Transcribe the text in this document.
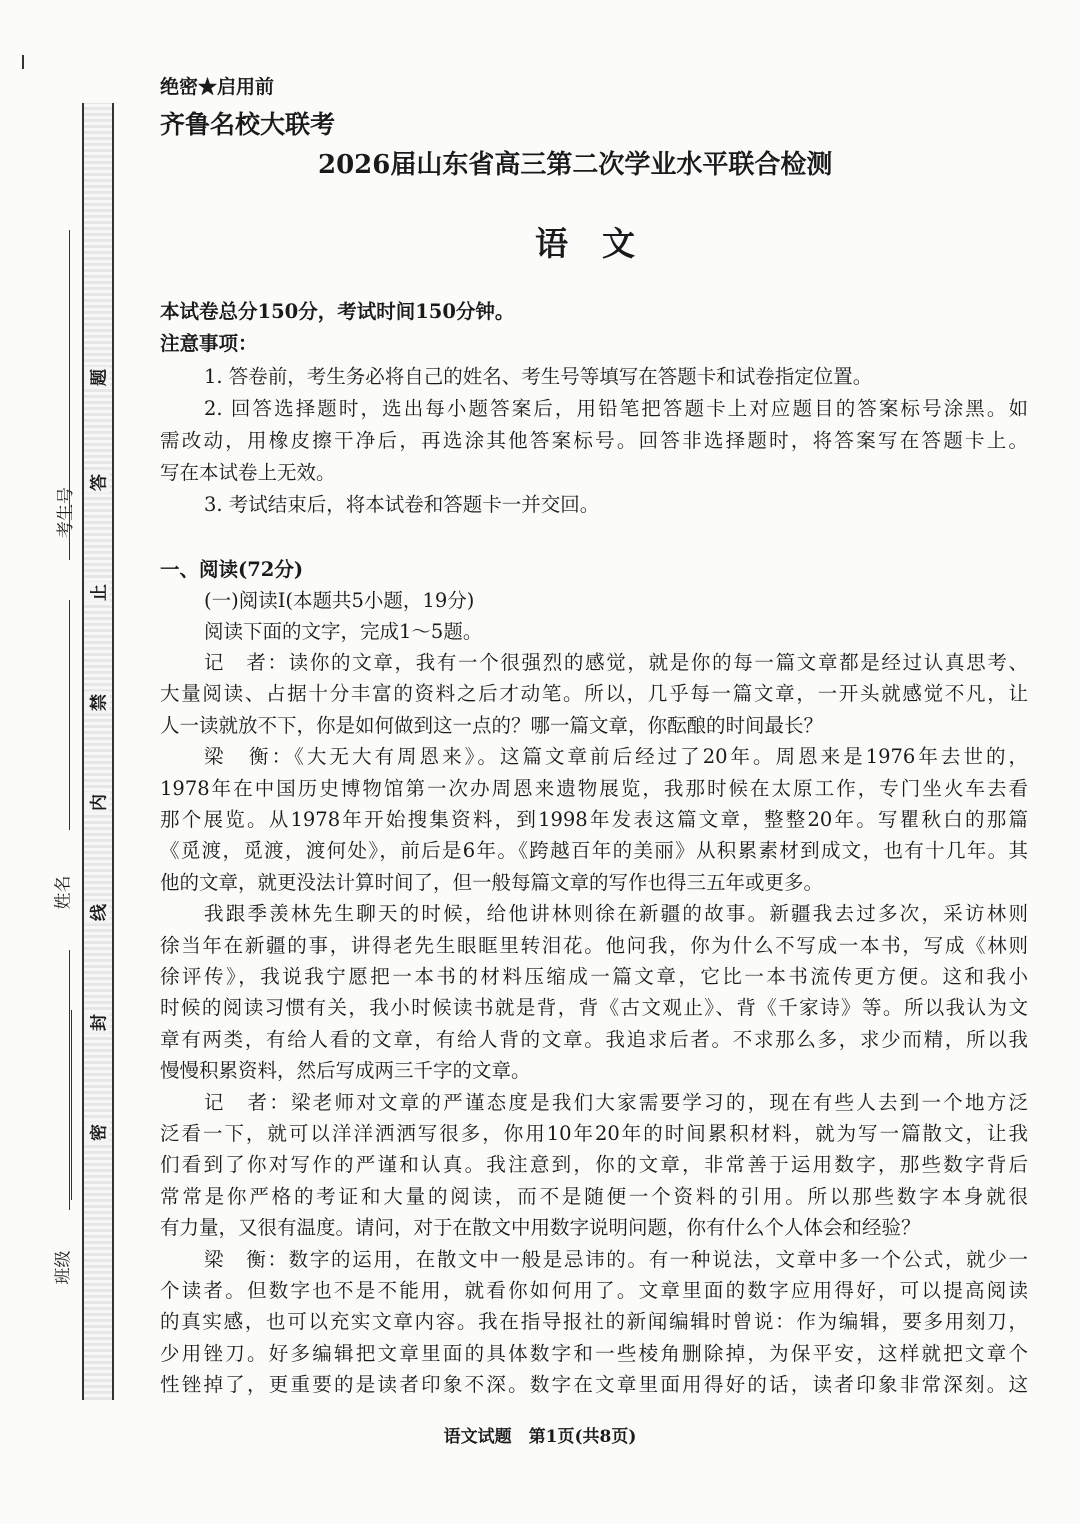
题
答
止
禁
内
线
封
密
考生号
姓名
班级
绝密★启用前
齐鲁名校大联考
2026届山东省高三第二次学业水平联合检测
语文
本试卷总分150分，考试时间150分钟。
注意事项：
1. 答卷前，考生务必将自己的姓名、考生号等填写在答题卡和试卷指定位置。
2. 回答选择题时，选出每小题答案后，用铅笔把答题卡上对应题目的答案标号涂黑。如
需改动，用橡皮擦干净后，再选涂其他答案标号。回答非选择题时，将答案写在答题卡上。
写在本试卷上无效。
3. 考试结束后，将本试卷和答题卡一并交回。
一、阅读(72分)
(一)阅读Ⅰ(本题共5小题，19分)
阅读下面的文字，完成1～5题。
记　者：读你的文章，我有一个很强烈的感觉，就是你的每一篇文章都是经过认真思考、
大量阅读、占据十分丰富的资料之后才动笔。所以，几乎每一篇文章，一开头就感觉不凡，让
人一读就放不下，你是如何做到这一点的？哪一篇文章，你酝酿的时间最长？
梁　衡：《大无大有周恩来》。这篇文章前后经过了20年。周恩来是1976年去世的，
1978年在中国历史博物馆第一次办周恩来遗物展览，我那时候在太原工作，专门坐火车去看
那个展览。从1978年开始搜集资料，到1998年发表这篇文章，整整20年。写瞿秋白的那篇
《觅渡，觅渡，渡何处》，前后是6年。《跨越百年的美丽》从积累素材到成文，也有十几年。其
他的文章，就更没法计算时间了，但一般每篇文章的写作也得三五年或更多。
我跟季羡林先生聊天的时候，给他讲林则徐在新疆的故事。新疆我去过多次，采访林则
徐当年在新疆的事，讲得老先生眼眶里转泪花。他问我，你为什么不写成一本书，写成《林则
徐评传》，我说我宁愿把一本书的材料压缩成一篇文章，它比一本书流传更方便。这和我小
时候的阅读习惯有关，我小时候读书就是背，背《古文观止》、背《千家诗》等。所以我认为文
章有两类，有给人看的文章，有给人背的文章。我追求后者。不求那么多，求少而精，所以我
慢慢积累资料，然后写成两三千字的文章。
记　者：梁老师对文章的严谨态度是我们大家需要学习的，现在有些人去到一个地方泛
泛看一下，就可以洋洋洒洒写很多，你用10年20年的时间累积材料，就为写一篇散文，让我
们看到了你对写作的严谨和认真。我注意到，你的文章，非常善于运用数字，那些数字背后
常常是你严格的考证和大量的阅读，而不是随便一个资料的引用。所以那些数字本身就很
有力量，又很有温度。请问，对于在散文中用数字说明问题，你有什么个人体会和经验？
梁　衡：数字的运用，在散文中一般是忌讳的。有一种说法，文章中多一个公式，就少一
个读者。但数字也不是不能用，就看你如何用了。文章里面的数字应用得好，可以提高阅读
的真实感，也可以充实文章内容。我在指导报社的新闻编辑时曾说：作为编辑，要多用刻刀，
少用锉刀。好多编辑把文章里面的具体数字和一些棱角删除掉，为保平安，这样就把文章个
性锉掉了，更重要的是读者印象不深。数字在文章里面用得好的话，读者印象非常深刻。这
语文试题　第1页(共8页)
